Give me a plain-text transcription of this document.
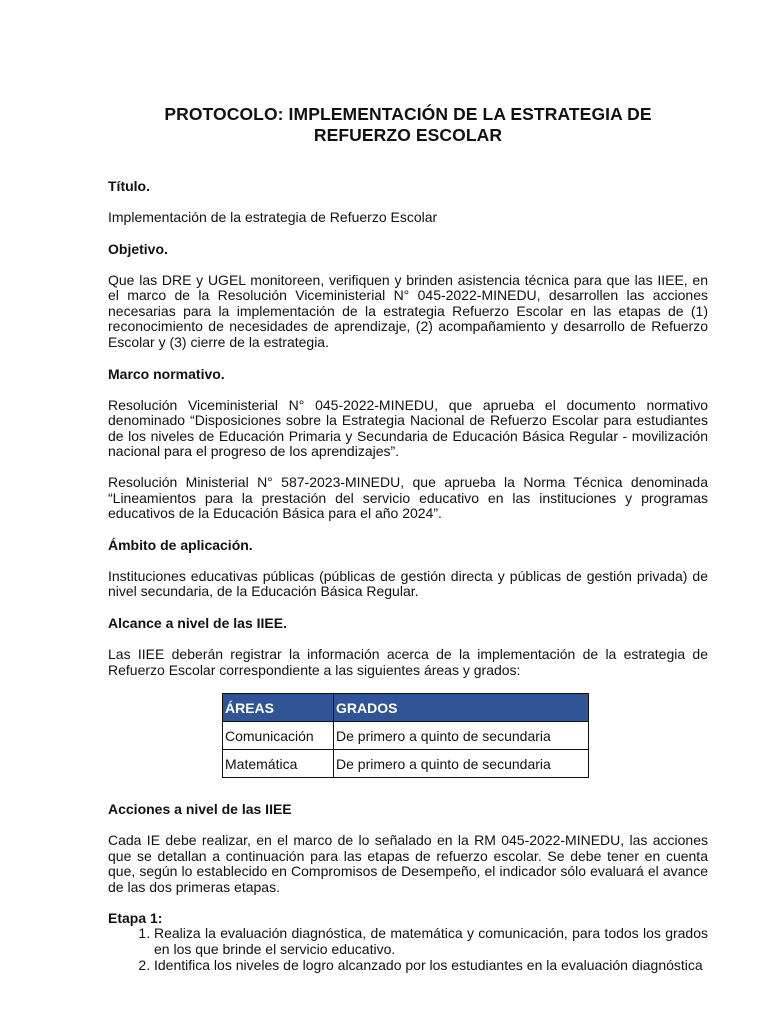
PROTOCOLO: IMPLEMENTACIÓN DE LA ESTRATEGIA DE
REFUERZO ESCOLAR
Título.
Implementación de la estrategia de Refuerzo Escolar
Objetivo.
Que las DRE y UGEL monitoreen, verifiquen y brinden asistencia técnica para que las IIEE, en el marco de la Resolución Viceministerial N° 045-2022-MINEDU, desarrollen las acciones necesarias para la implementación de la estrategia Refuerzo Escolar en las etapas de (1) reconocimiento de necesidades de aprendizaje, (2) acompañamiento y desarrollo de Refuerzo Escolar y (3) cierre de la estrategia.
Marco normativo.
Resolución Viceministerial N° 045-2022-MINEDU, que aprueba el documento normativo denominado “Disposiciones sobre la Estrategia Nacional de Refuerzo Escolar para estudiantes de los niveles de Educación Primaria y Secundaria de Educación Básica Regular - movilización nacional para el progreso de los aprendizajes”.
Resolución Ministerial N° 587-2023-MINEDU, que aprueba la Norma Técnica denominada “Lineamientos para la prestación del servicio educativo en las instituciones y programas educativos de la Educación Básica para el año 2024”.
Ámbito de aplicación.
Instituciones educativas públicas (públicas de gestión directa y públicas de gestión privada) de nivel secundaria, de la Educación Básica Regular.
Alcance a nivel de las IIEE.
Las IIEE deberán registrar la información acerca de la implementación de la estrategia de Refuerzo Escolar correspondiente a las siguientes áreas y grados:
ÁREAS	GRADOS
Comunicación	De primero a quinto de secundaria
Matemática	De primero a quinto de secundaria
Acciones a nivel de las IIEE
Cada IE debe realizar, en el marco de lo señalado en la RM 045-2022-MINEDU, las acciones que se detallan a continuación para las etapas de refuerzo escolar. Se debe tener en cuenta que, según lo establecido en Compromisos de Desempeño, el indicador sólo evaluará el avance de las dos primeras etapas.
Etapa 1:
1. Realiza la evaluación diagnóstica, de matemática y comunicación, para todos los grados en los que brinde el servicio educativo.
2. Identifica los niveles de logro alcanzado por los estudiantes en la evaluación diagnóstica
